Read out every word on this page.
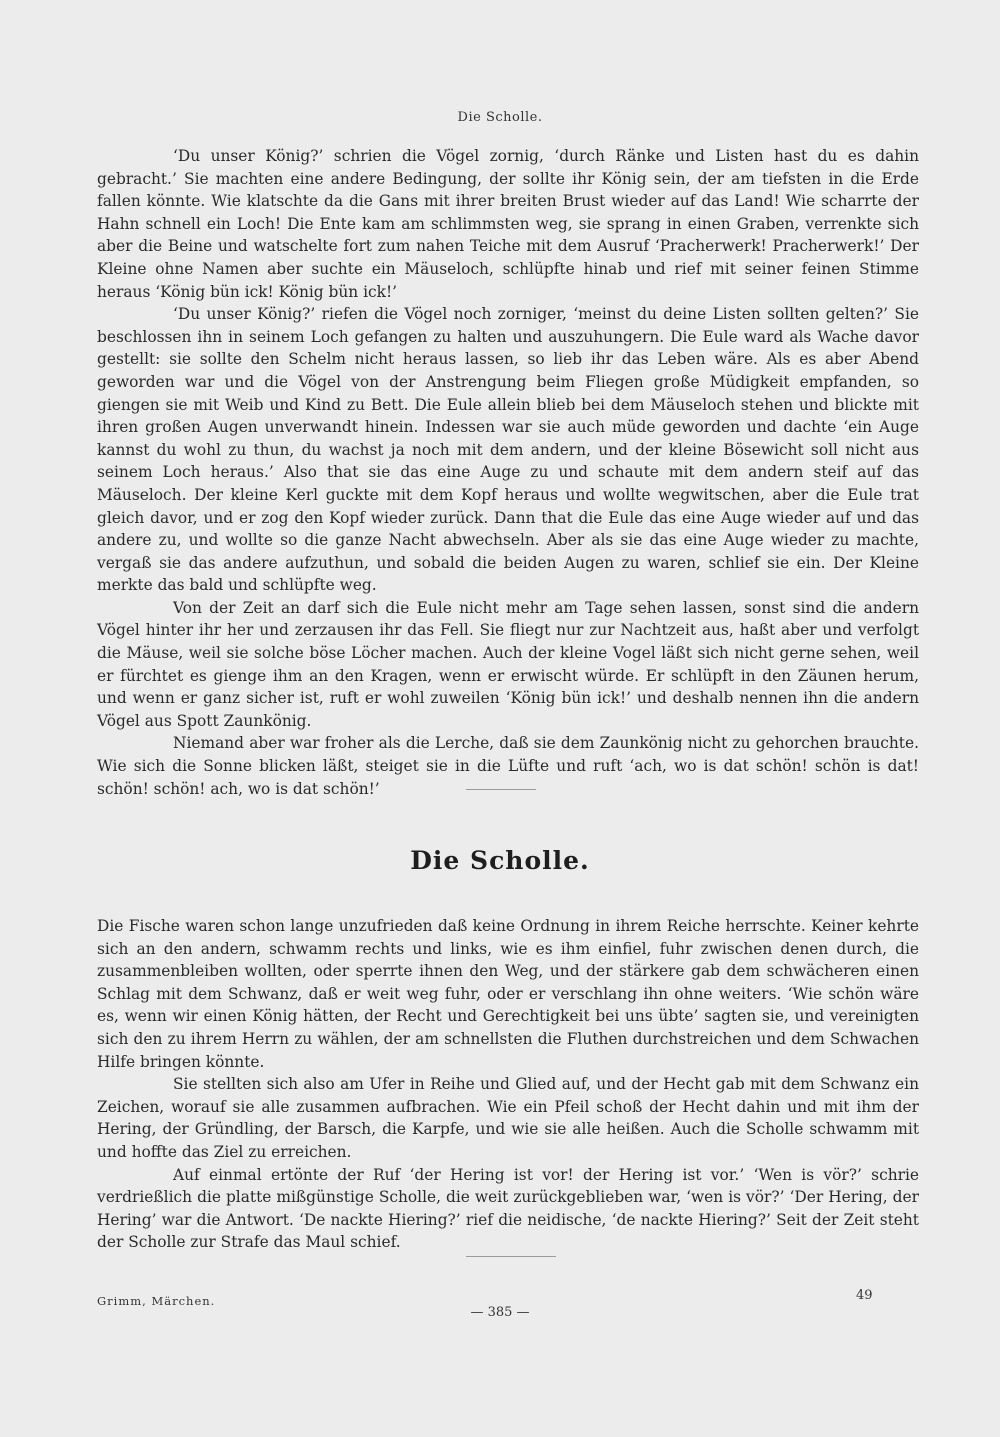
Die Scholle.

‘Du unser König?’ schrien die Vögel zornig, ‘durch Ränke und Listen hast du es dahin gebracht.’ Sie machten eine andere Bedingung, der sollte ihr König sein, der am tiefsten in die Erde fallen könnte. Wie klatschte da die Gans mit ihrer breiten Brust wieder auf das Land! Wie scharrte der Hahn schnell ein Loch! Die Ente kam am schlimmsten weg, sie sprang in einen Graben, verrenkte sich aber die Beine und watschelte fort zum nahen Teiche mit dem Ausruf ‘Pracherwerk! Pracherwerk!’ Der Kleine ohne Namen aber suchte ein Mäuseloch, schlüpfte hinab und rief mit seiner feinen Stimme heraus ‘König bün ick! König bün ick!’

‘Du unser König?’ riefen die Vögel noch zorniger, ‘meinst du deine Listen sollten gelten?’ Sie beschlossen ihn in seinem Loch gefangen zu halten und auszuhungern. Die Eule ward als Wache davor gestellt: sie sollte den Schelm nicht heraus lassen, so lieb ihr das Leben wäre. Als es aber Abend geworden war und die Vögel von der Anstrengung beim Fliegen große Müdigkeit empfanden, so giengen sie mit Weib und Kind zu Bett. Die Eule allein blieb bei dem Mäuseloch stehen und blickte mit ihren großen Augen unverwandt hinein. Indessen war sie auch müde geworden und dachte ‘ein Auge kannst du wohl zu thun, du wachst ja noch mit dem andern, und der kleine Bösewicht soll nicht aus seinem Loch heraus.’ Also that sie das eine Auge zu und schaute mit dem andern steif auf das Mäuseloch. Der kleine Kerl guckte mit dem Kopf heraus und wollte wegwitschen, aber die Eule trat gleich davor, und er zog den Kopf wieder zurück. Dann that die Eule das eine Auge wieder auf und das andere zu, und wollte so die ganze Nacht abwechseln. Aber als sie das eine Auge wieder zu machte, vergaß sie das andere aufzuthun, und sobald die beiden Augen zu waren, schlief sie ein. Der Kleine merkte das bald und schlüpfte weg.

Von der Zeit an darf sich die Eule nicht mehr am Tage sehen lassen, sonst sind die andern Vögel hinter ihr her und zerzausen ihr das Fell. Sie fliegt nur zur Nachtzeit aus, haßt aber und verfolgt die Mäuse, weil sie solche böse Löcher machen. Auch der kleine Vogel läßt sich nicht gerne sehen, weil er fürchtet es gienge ihm an den Kragen, wenn er erwischt würde. Er schlüpft in den Zäunen herum, und wenn er ganz sicher ist, ruft er wohl zuweilen ‘König bün ick!’ und deshalb nennen ihn die andern Vögel aus Spott Zaunkönig.

Niemand aber war froher als die Lerche, daß sie dem Zaunkönig nicht zu gehorchen brauchte. Wie sich die Sonne blicken läßt, steiget sie in die Lüfte und ruft ‘ach, wo is dat schön! schön is dat! schön! schön! ach, wo is dat schön!’

Die Scholle.

Die Fische waren schon lange unzufrieden daß keine Ordnung in ihrem Reiche herrschte. Keiner kehrte sich an den andern, schwamm rechts und links, wie es ihm einfiel, fuhr zwischen denen durch, die zusammenbleiben wollten, oder sperrte ihnen den Weg, und der stärkere gab dem schwächeren einen Schlag mit dem Schwanz, daß er weit weg fuhr, oder er verschlang ihn ohne weiters. ‘Wie schön wäre es, wenn wir einen König hätten, der Recht und Gerechtigkeit bei uns übte’ sagten sie, und vereinigten sich den zu ihrem Herrn zu wählen, der am schnellsten die Fluthen durchstreichen und dem Schwachen Hilfe bringen könnte.

Sie stellten sich also am Ufer in Reihe und Glied auf, und der Hecht gab mit dem Schwanz ein Zeichen, worauf sie alle zusammen aufbrachen. Wie ein Pfeil schoß der Hecht dahin und mit ihm der Hering, der Gründling, der Barsch, die Karpfe, und wie sie alle heißen. Auch die Scholle schwamm mit und hoffte das Ziel zu erreichen.

Auf einmal ertönte der Ruf ‘der Hering ist vor! der Hering ist vor.’ ‘Wen is vör?’ schrie verdrießlich die platte mißgünstige Scholle, die weit zurückgeblieben war, ‘wen is vör?’ ‘Der Hering, der Hering’ war die Antwort. ‘De nackte Hiering?’ rief die neidische, ‘de nackte Hiering?’ Seit der Zeit steht der Scholle zur Strafe das Maul schief.

Grimm, Märchen.	49
— 385 —
